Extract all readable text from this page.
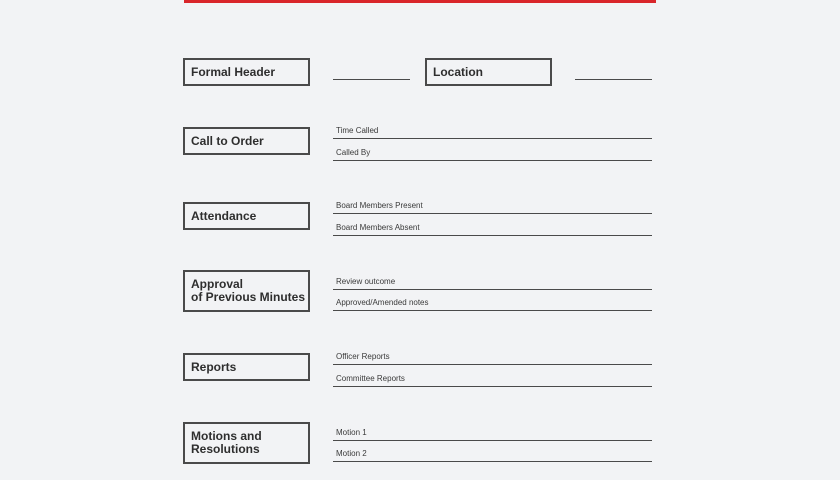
Formal Header	Location
Call to Order
Time Called
Called By
Attendance
Board Members Present
Board Members Absent
Approval
of Previous Minutes
Review outcome
Approved/Amended notes
Reports
Officer Reports
Committee Reports
Motions and
Resolutions
Motion 1
Motion 2
